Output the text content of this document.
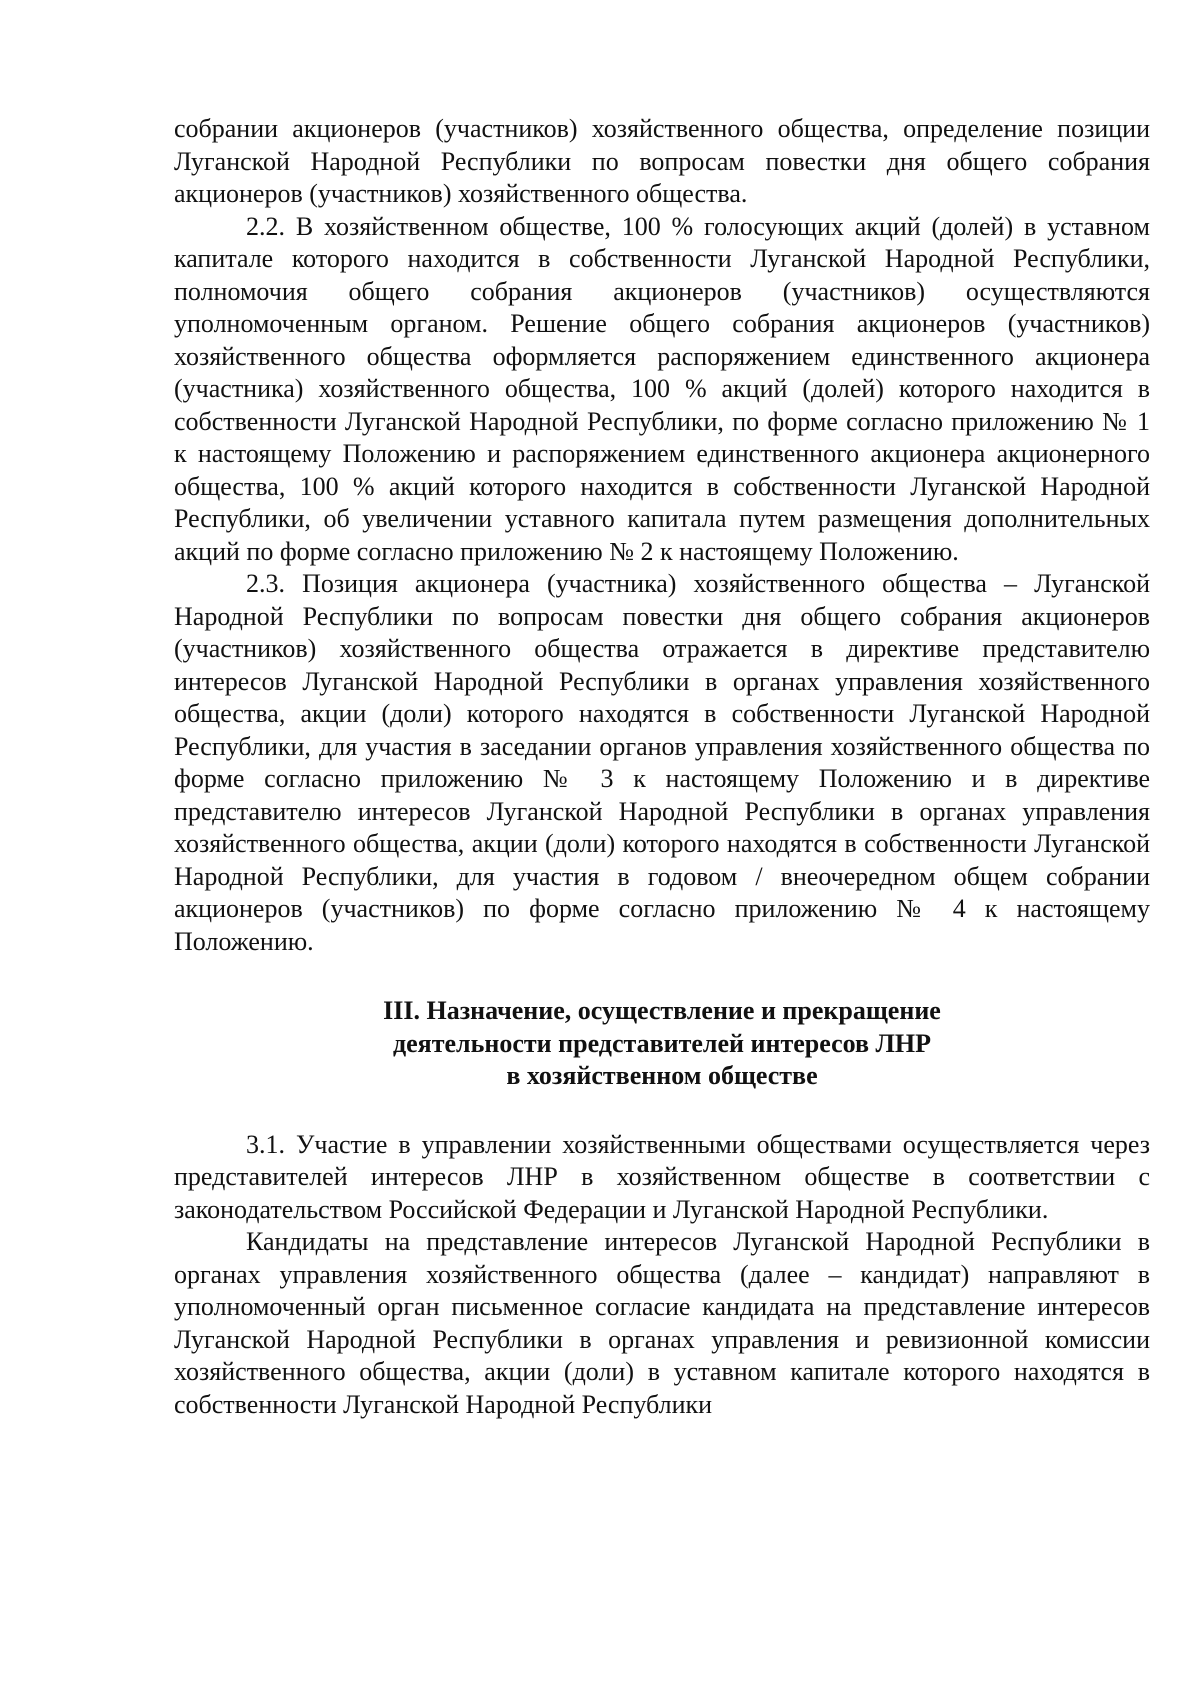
собрании акционеров (участников) хозяйственного общества, определение позиции Луганской Народной Республики по вопросам повестки дня общего собрания акционеров (участников) хозяйственного общества.

2.2. В хозяйственном обществе, 100 % голосующих акций (долей) в уставном капитале которого находится в собственности Луганской Народной Республики, полномочия общего собрания акционеров (участников) осуществляются уполномоченным органом. Решение общего собрания акционеров (участников) хозяйственного общества оформляется распоряжением единственного акционера (участника) хозяйственного общества, 100 % акций (долей) которого находится в собственности Луганской Народной Республики, по форме согласно приложению № 1 к настоящему Положению и распоряжением единственного акционера акционерного общества, 100 % акций которого находится в собственности Луганской Народной Республики, об увеличении уставного капитала путем размещения дополнительных акций по форме согласно приложению № 2 к настоящему Положению.

2.3. Позиция акционера (участника) хозяйственного общества – Луганской Народной Республики по вопросам повестки дня общего собрания акционеров (участников) хозяйственного общества отражается в директиве представителю интересов Луганской Народной Республики в органах управления хозяйственного общества, акции (доли) которого находятся в собственности Луганской Народной Республики, для участия в заседании органов управления хозяйственного общества по форме согласно приложению № 3 к настоящему Положению и в директиве представителю интересов Луганской Народной Республики в органах управления хозяйственного общества, акции (доли) которого находятся в собственности Луганской Народной Республики, для участия в годовом / внеочередном общем собрании акционеров (участников) по форме согласно приложению № 4 к настоящему Положению.

III. Назначение, осуществление и прекращение
деятельности представителей интересов ЛНР
в хозяйственном обществе

3.1. Участие в управлении хозяйственными обществами осуществляется через представителей интересов ЛНР в хозяйственном обществе в соответствии с законодательством Российской Федерации и Луганской Народной Республики.

Кандидаты на представление интересов Луганской Народной Республики в органах управления хозяйственного общества (далее – кандидат) направляют в уполномоченный орган письменное согласие кандидата на представление интересов Луганской Народной Республики в органах управления и ревизионной комиссии хозяйственного общества, акции (доли) в уставном капитале которого находятся в собственности Луганской Народной Республики
